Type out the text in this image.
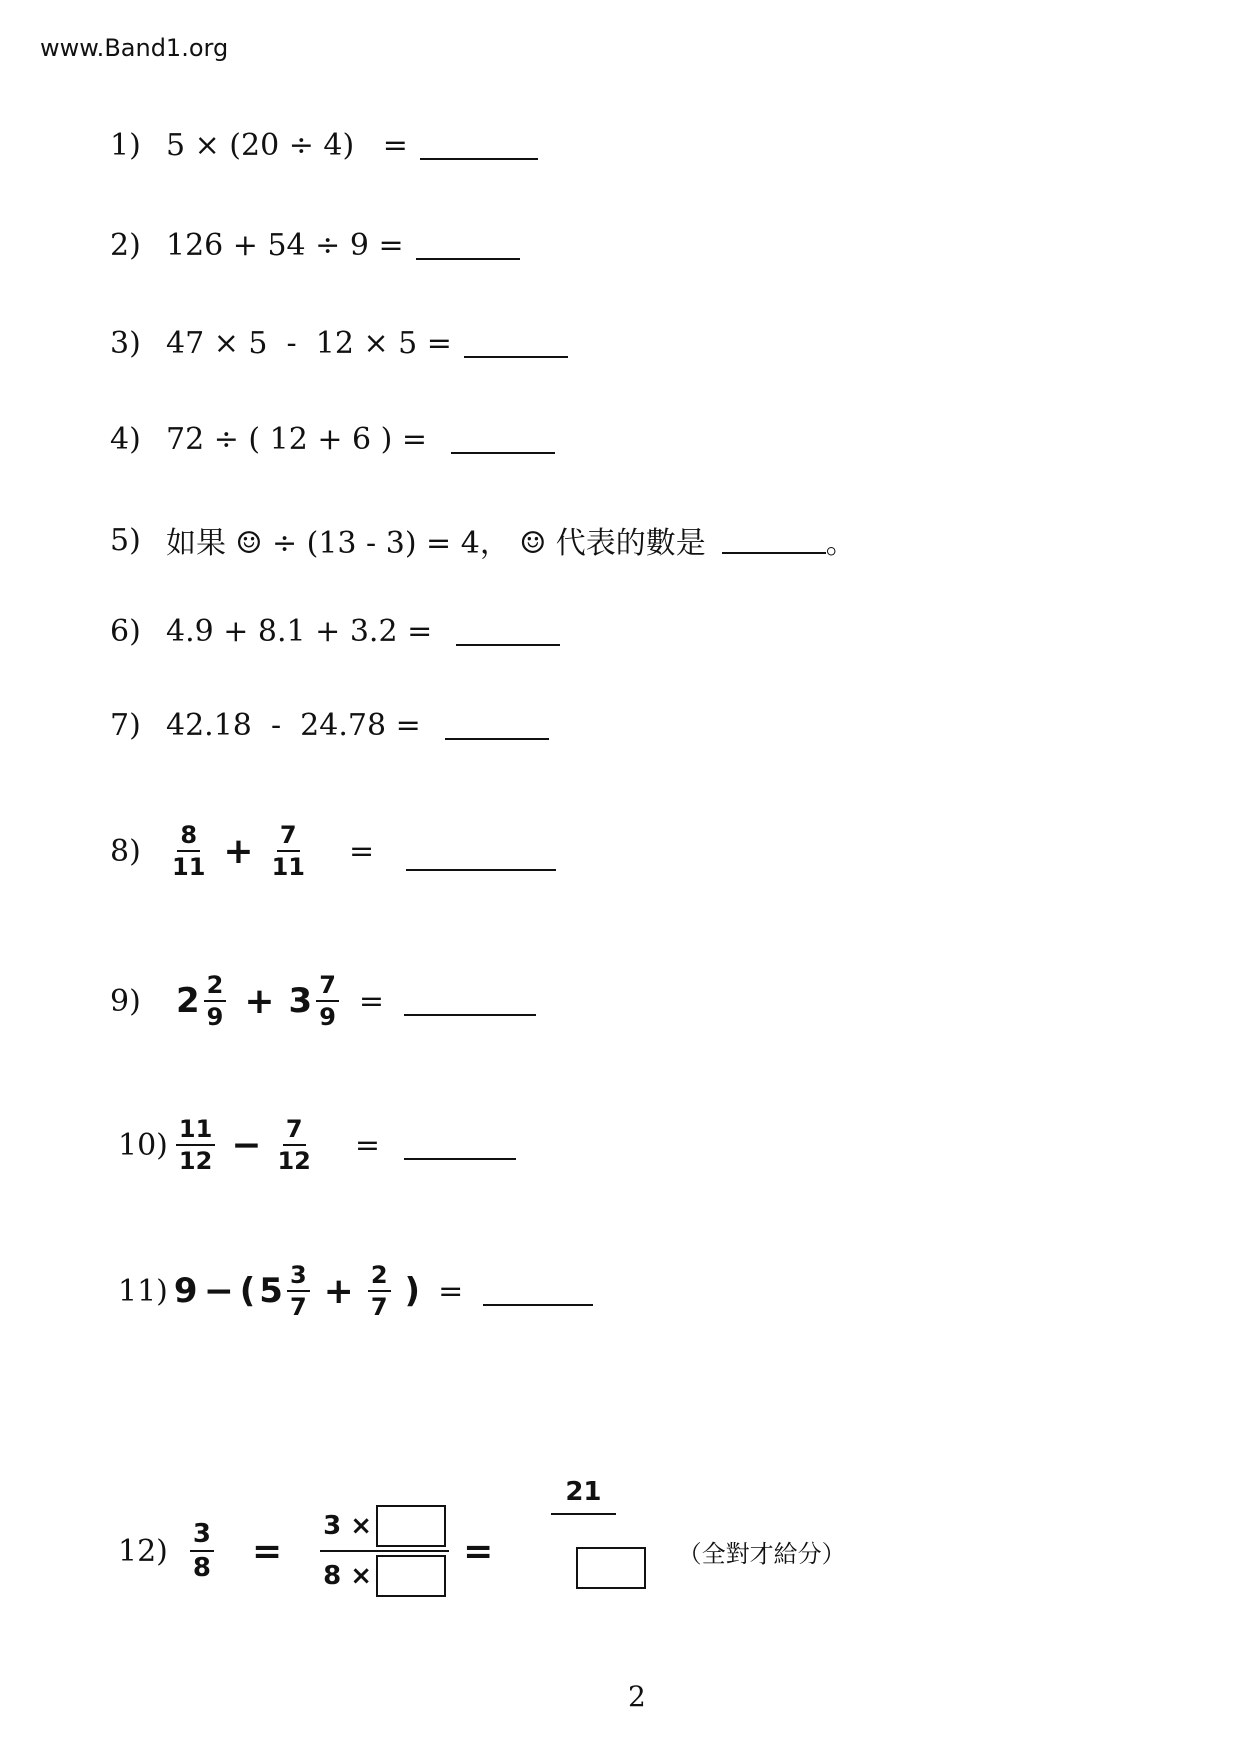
www.Band1.org
1) 5 × (20 ÷ 4)   =
2) 126 + 54 ÷ 9 =
3) 47 × 5  -  12 × 5 =
4) 72 ÷ ( 12 + 6 ) =
5) 如果 ☺ ÷ (13 - 3) = 4， ☺ 代表的數是	。
6) 4.9 + 8.1 + 3.2 =
7) 42.18  -  24.78 =
8)	$\frac{8}{11} + \frac{7}{11}$ =
9)	$2 \frac{2}{9} + 3 \frac{7}{9}$ =
$10) \frac{11}{12} - \frac{7}{12}$ =
11) 9 − ( $5 \frac{3}{7} + \frac{2}{7}$ ) =
$12) \frac{3}{8} = \frac{3 \times}{8 \times}$ =
21

（全對才給分）
2
